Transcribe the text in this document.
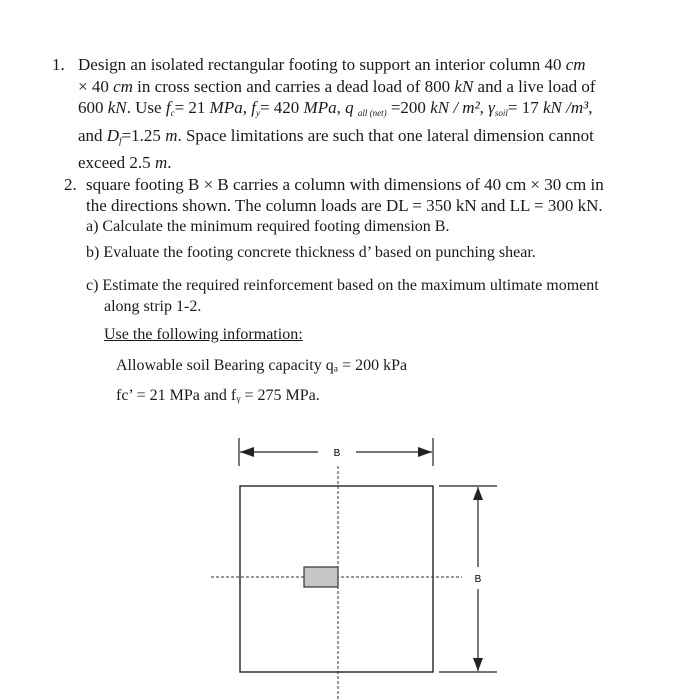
1. Design an isolated rectangular footing to support an interior column 40 cm
× 40 cm in cross section and carries a dead load of 800 kN and a live load of
600 kN. Use $f_c= 21$ MPa, $f_y= 420$ MPa, q $_{all (net)}$ =200 kN / m², $\gamma_{soil}= 17$ kN /m³,
and $D_f=1.25$ m. Space limitations are such that one lateral dimension cannot
exceed 2.5 m.
2. square footing B × B carries a column with dimensions of 40 cm × 30 cm in
the directions shown. The column loads are DL = 350 kN and LL = 300 kN.
a) Calculate the minimum required footing dimension B.
b) Evaluate the footing concrete thickness d’ based on punching shear.
c) Estimate the required reinforcement based on the maximum ultimate moment
along strip 1-2.
Use the following information:
Allowable soil Bearing capacity qₐ = 200 kPa
fc’ = 21 MPa and fᵧ = 275 MPa.
B
B
